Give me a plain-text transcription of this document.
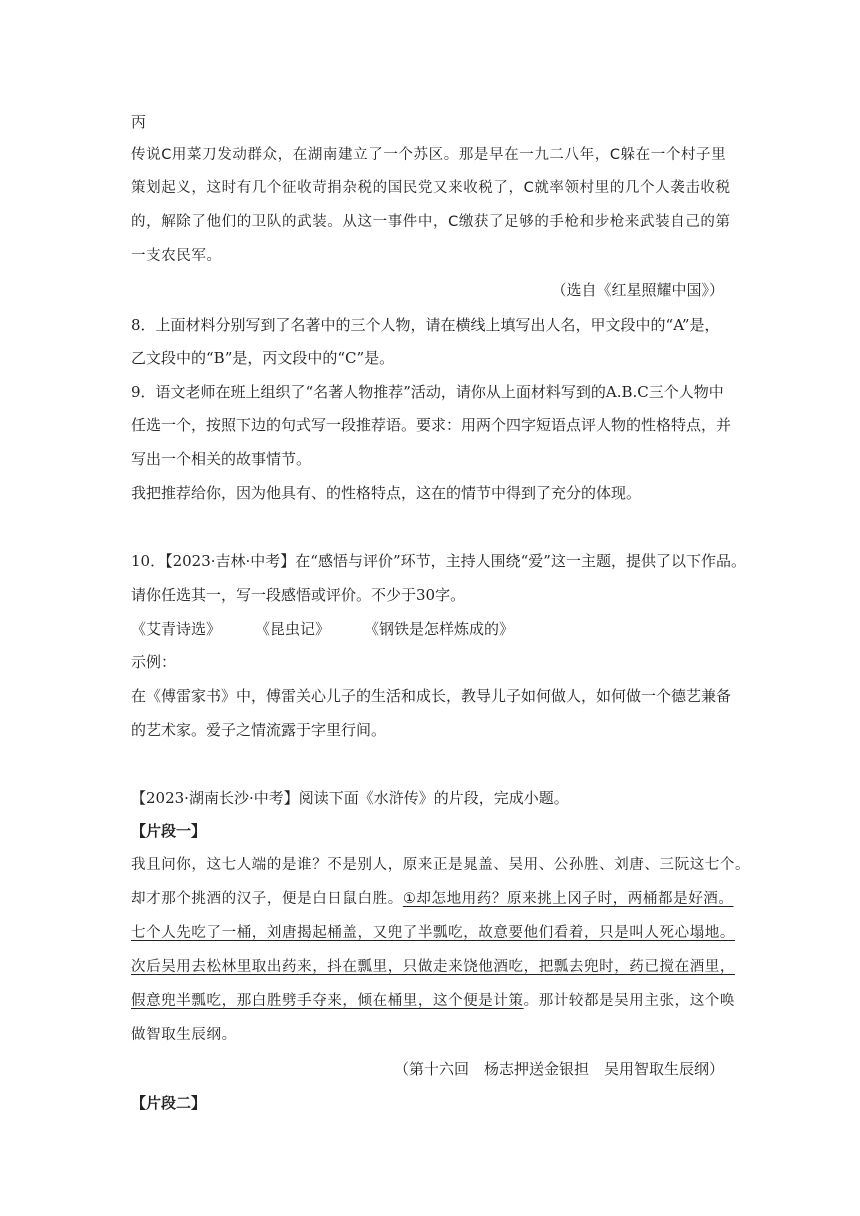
丙
传说C用菜刀发动群众，在湖南建立了一个苏区。那是早在一九二八年，C躲在一个村子里
策划起义，这时有几个征收苛捐杂税的国民党又来收税了，C就率领村里的几个人袭击收税
的，解除了他们的卫队的武装。从这一事件中，C缴获了足够的手枪和步枪来武装自己的第
一支农民军。
（选自《红星照耀中国》）
8．上面材料分别写到了名著中的三个人物，请在横线上填写出人名，甲文段中的“A”是，
乙文段中的“B”是，丙文段中的“C”是。
9．语文老师在班上组织了“名著人物推荐”活动，请你从上面材料写到的A.B.C三个人物中
任选一个，按照下边的句式写一段推荐语。要求：用两个四字短语点评人物的性格特点，并
写出一个相关的故事情节。
我把推荐给你，因为他具有、的性格特点，这在的情节中得到了充分的体现。
10．【2023·吉林·中考】在“感悟与评价”环节，主持人围绕“爱”这一主题，提供了以下作品。
请你任选其一，写一段感悟或评价。不少于30字。
《艾青诗选》 《昆虫记》 《钢铁是怎样炼成的》
示例：
在《傅雷家书》中，傅雷关心儿子的生活和成长，教导儿子如何做人，如何做一个德艺兼备
的艺术家。爱子之情流露于字里行间。
【2023·湖南长沙·中考】阅读下面《水浒传》的片段，完成小题。
【片段一】
我且问你，这七人端的是谁？不是别人，原来正是晁盖、吴用、公孙胜、刘唐、三阮这七个。
却才那个挑酒的汉子，便是白日鼠白胜。①却怎地用药？原来挑上冈子时，两桶都是好酒。
七个人先吃了一桶，刘唐揭起桶盖，又兜了半瓢吃，故意要他们看着，只是叫人死心塌地。
次后吴用去松林里取出药来，抖在瓢里，只做走来饶他酒吃，把瓢去兜时，药已搅在酒里，
假意兜半瓢吃，那白胜劈手夺来，倾在桶里，这个便是计策。那计较都是吴用主张，这个唤
做智取生辰纲。
（第十六回　杨志押送金银担　吴用智取生辰纲）
【片段二】
